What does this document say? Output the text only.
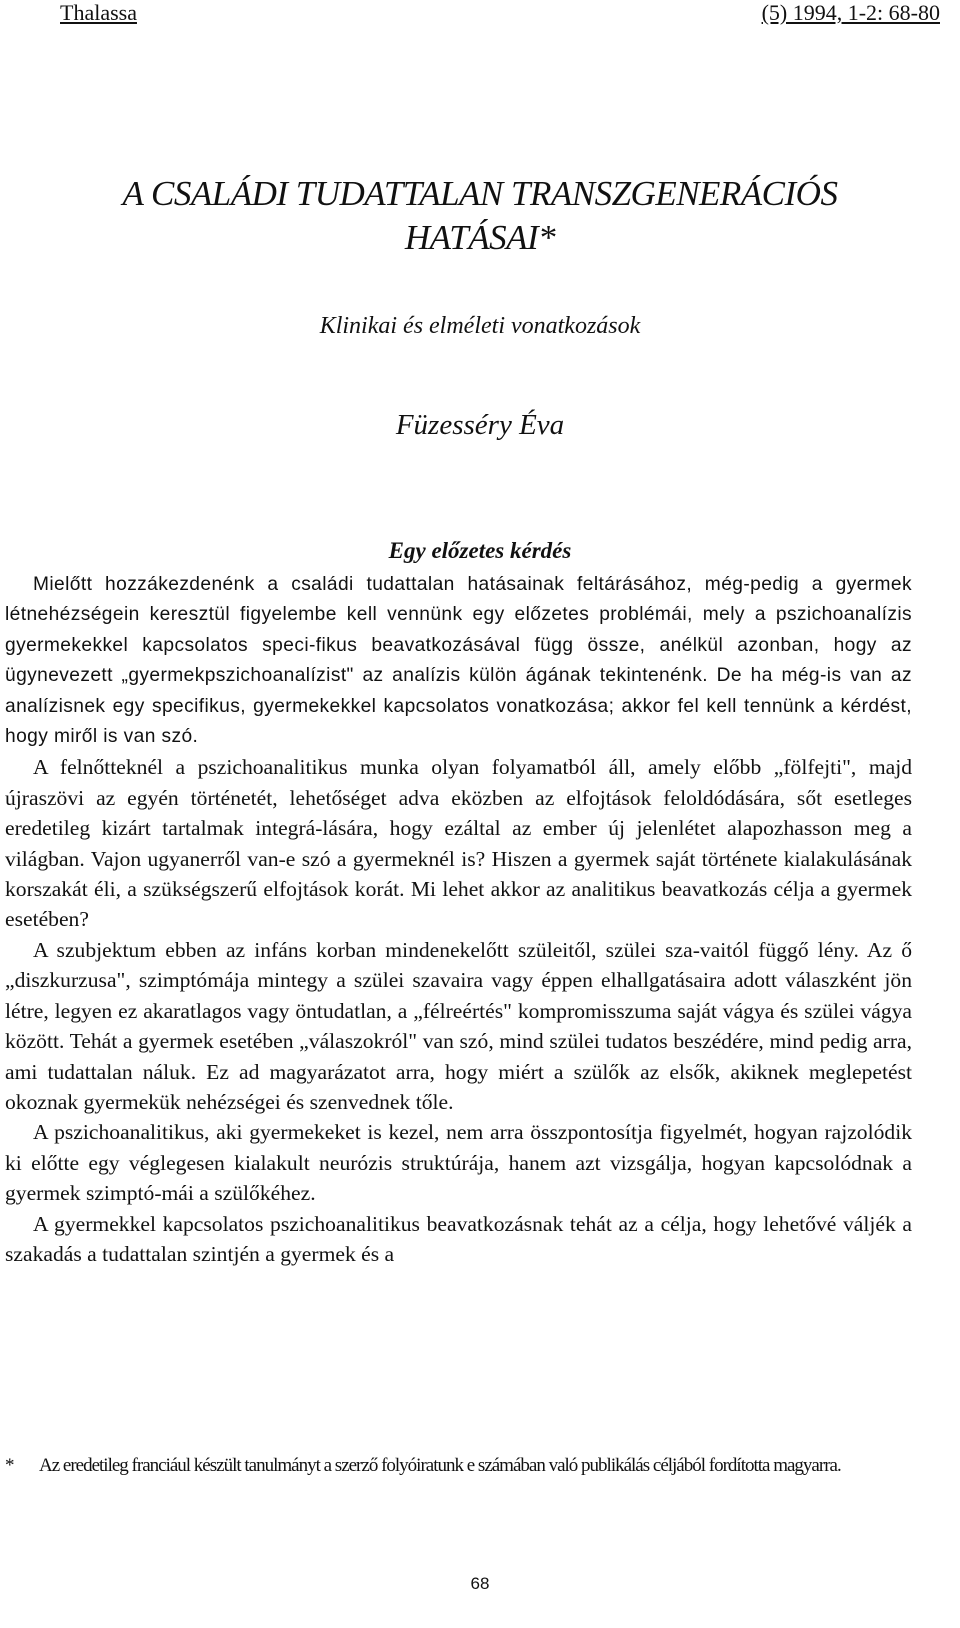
Thalassa	(5) 1994, 1-2: 68-80
A CSALÁDI TUDATTALAN TRANSZGENERÁCIÓS
HATÁSAI*
Klinikai és elméleti vonatkozások
Füzesséry Éva
Egy előzetes kérdés

Mielőtt hozzákezdenénk a családi tudattalan hatásainak feltárásához, még-pedig a gyermek létnehézségein keresztül figyelembe kell vennünk egy előzetes problémái, mely a pszichoanalízis gyermekekkel kapcsolatos speci-fikus beavatkozásával függ össze, anélkül azonban, hogy az ügynevezett „gyermekpszichoanalízist" az analízis külön ágának tekintenénk. De ha még-is van az analízisnek egy specifikus, gyermekekkel kapcsolatos vonatkozása; akkor fel kell tennünk a kérdést, hogy miről is van szó.

A felnőtteknél a pszichoanalitikus munka olyan folyamatból áll, amely előbb „fölfejti", majd újraszövi az egyén történetét, lehetőséget adva eközben az elfojtások feloldódására, sőt esetleges eredetileg kizárt tartalmak integrá-lására, hogy ezáltal az ember új jelenlétet alapozhasson meg a világban. Vajon ugyanerről van-e szó a gyermeknél is? Hiszen a gyermek saját története kialakulásának korszakát éli, a szükségszerű elfojtások korát. Mi lehet akkor az analitikus beavatkozás célja a gyermek esetében?

A szubjektum ebben az infáns korban mindenekelőtt szüleitől, szülei sza-vaitól függő lény. Az ő „diszkurzusa", szimptómája mintegy a szülei szavaira vagy éppen elhallgatásaira adott válaszként jön létre, legyen ez akaratlagos vagy öntudatlan, a „félreértés" kompromisszuma saját vágya és szülei vágya között. Tehát a gyermek esetében „válaszokról" van szó, mind szülei tudatos beszédére, mind pedig arra, ami tudattalan náluk. Ez ad magyarázatot arra, hogy miért a szülők az elsők, akiknek meglepetést okoznak gyermekük nehézségei és szenvednek tőle.

A pszichoanalitikus, aki gyermekeket is kezel, nem arra összpontosítja figyelmét, hogyan rajzolódik ki előtte egy véglegesen kialakult neurózis struktúrája, hanem azt vizsgálja, hogyan kapcsolódnak a gyermek szimptó-mái a szülőkéhez.

A gyermekkel kapcsolatos pszichoanalitikus beavatkozásnak tehát az a célja, hogy lehetővé váljék a szakadás a tudattalan szintjén a gyermek és a

* Az eredetileg franciául készült tanulmányt a szerző folyóiratunk e számában való publikálás céljából fordította magyarra.
68
